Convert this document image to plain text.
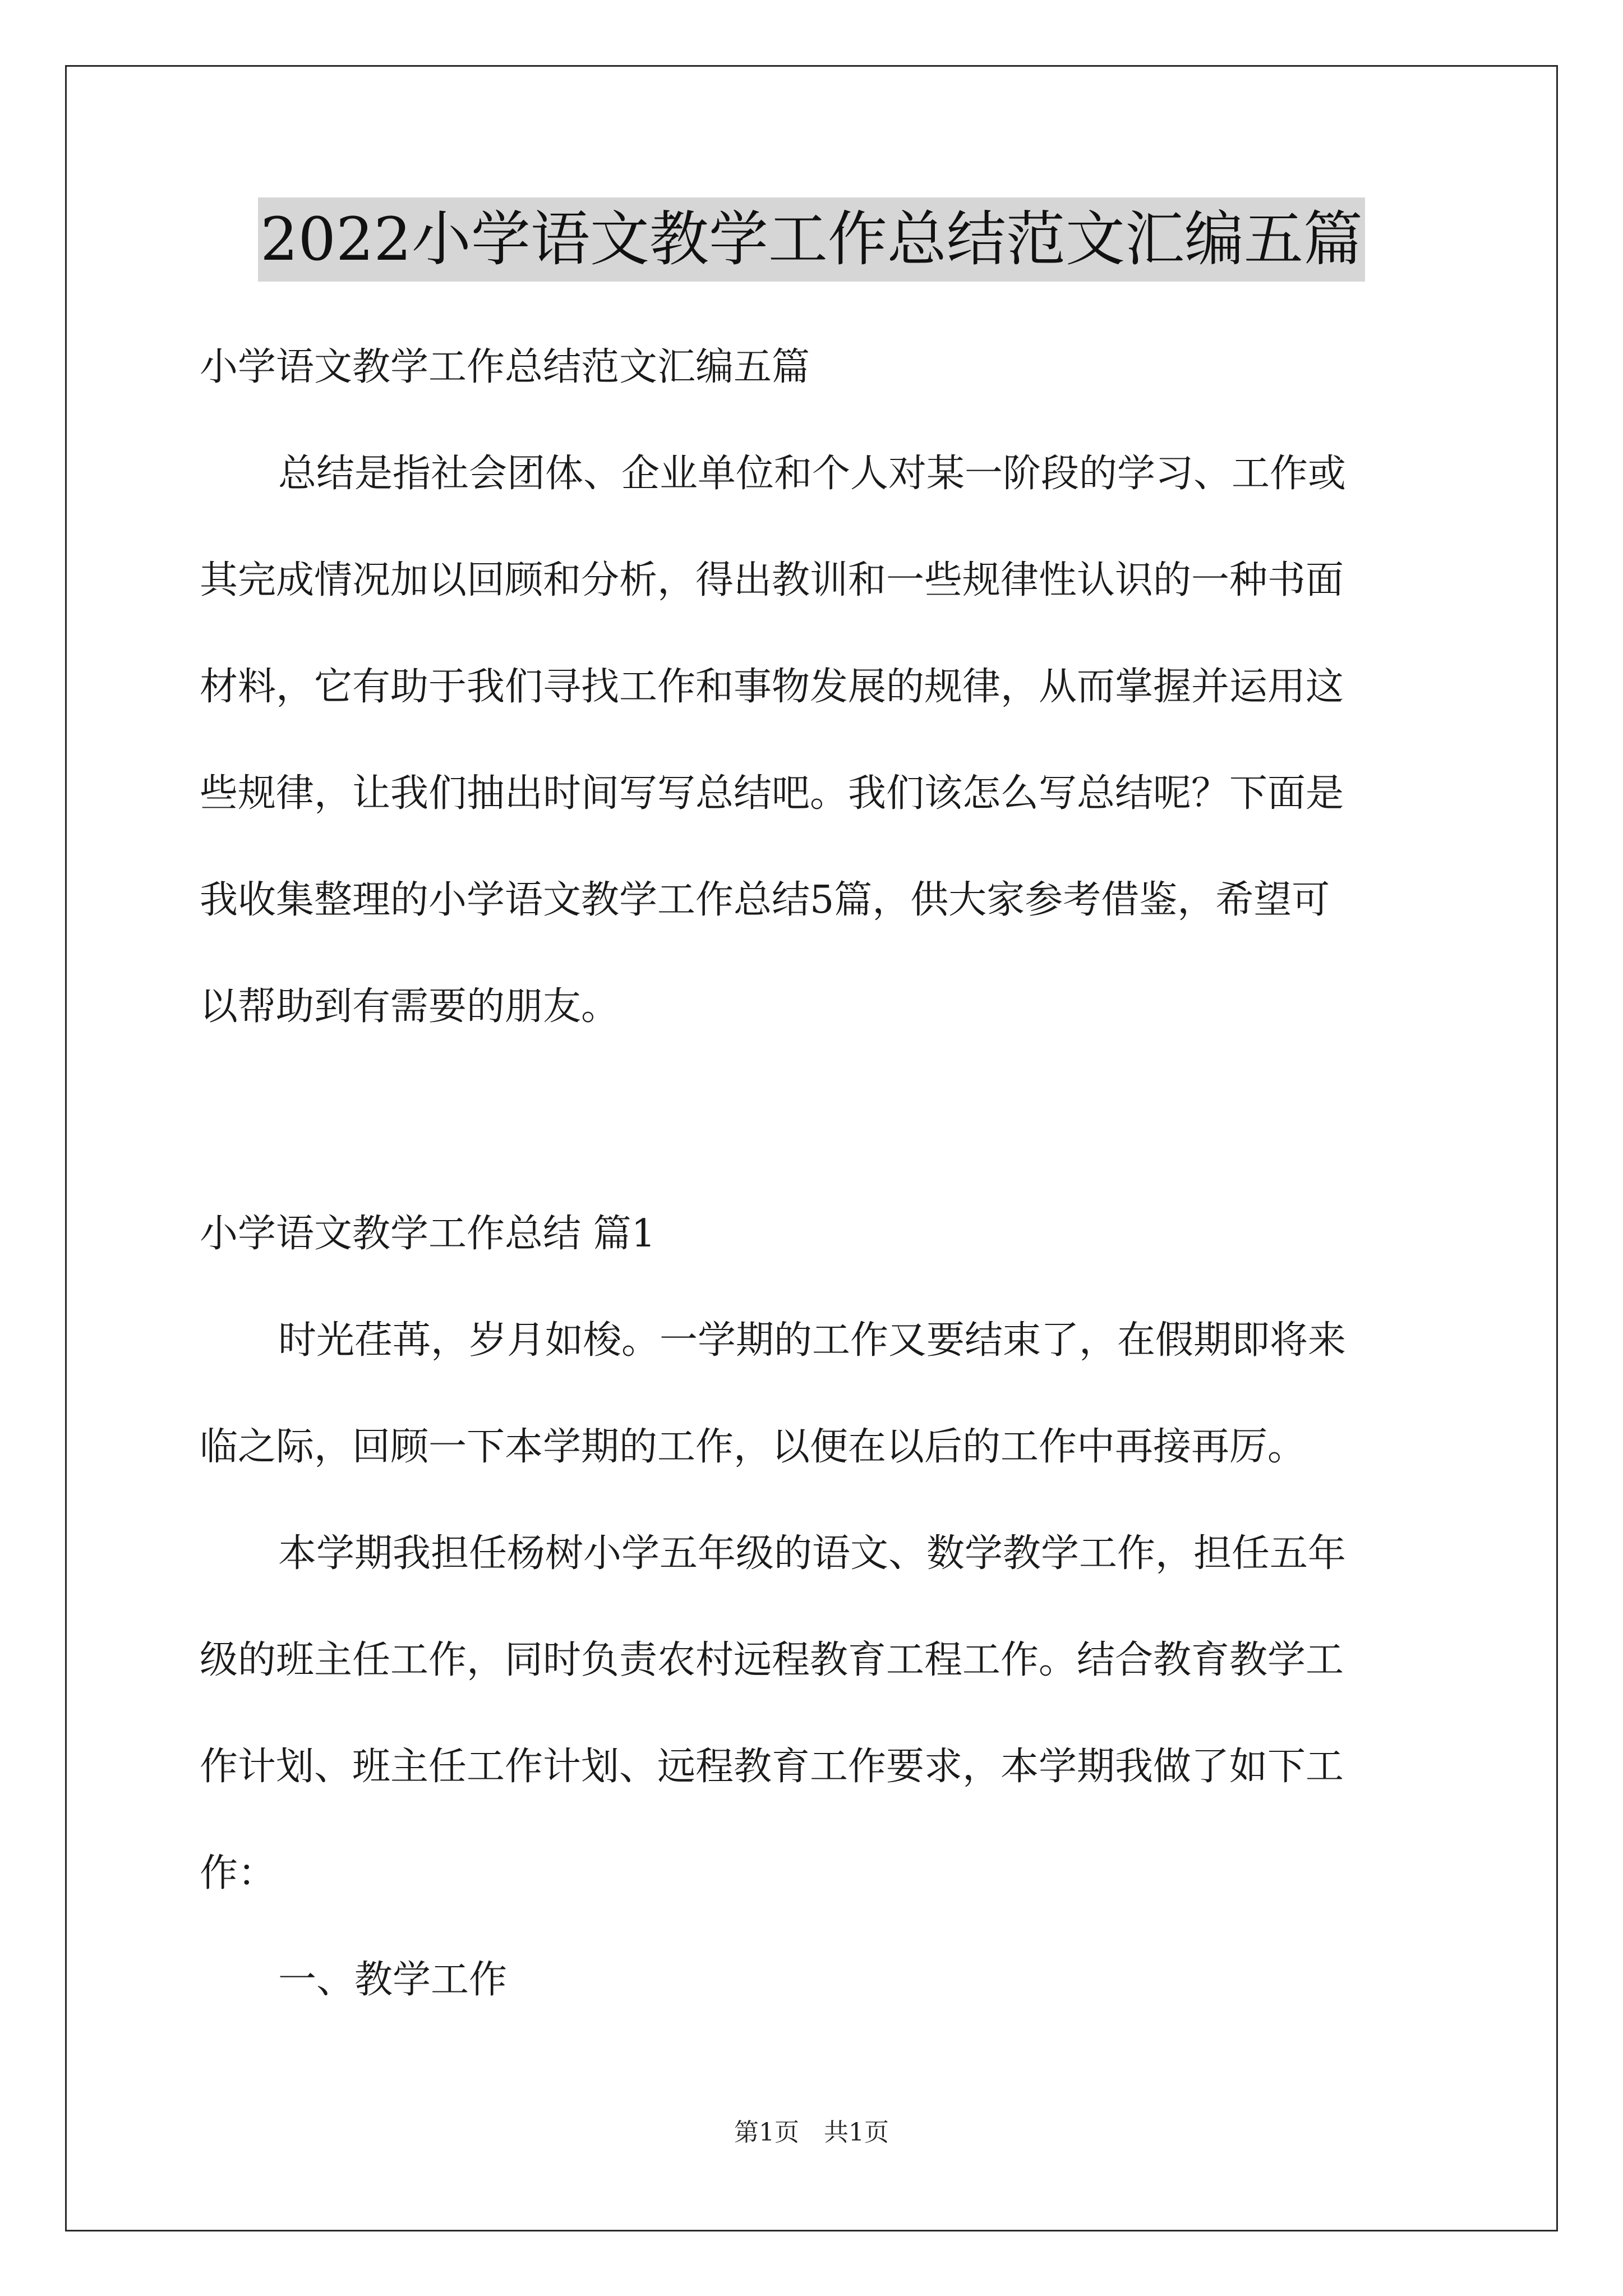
2022小学语文教学工作总结范文汇编五篇
小学语文教学工作总结范文汇编五篇
总结是指社会团体、企业单位和个人对某一阶段的学习、工作或
其完成情况加以回顾和分析，得出教训和一些规律性认识的一种书面
材料，它有助于我们寻找工作和事物发展的规律，从而掌握并运用这
些规律，让我们抽出时间写写总结吧。我们该怎么写总结呢？下面是
我收集整理的小学语文教学工作总结5篇，供大家参考借鉴，希望可
以帮助到有需要的朋友。
小学语文教学工作总结 篇1
时光荏苒，岁月如梭。一学期的工作又要结束了，在假期即将来
临之际，回顾一下本学期的工作，以便在以后的工作中再接再厉。
本学期我担任杨树小学五年级的语文、数学教学工作，担任五年
级的班主任工作，同时负责农村远程教育工程工作。结合教育教学工
作计划、班主任工作计划、远程教育工作要求，本学期我做了如下工
作：
一、教学工作
第1页　共1页
